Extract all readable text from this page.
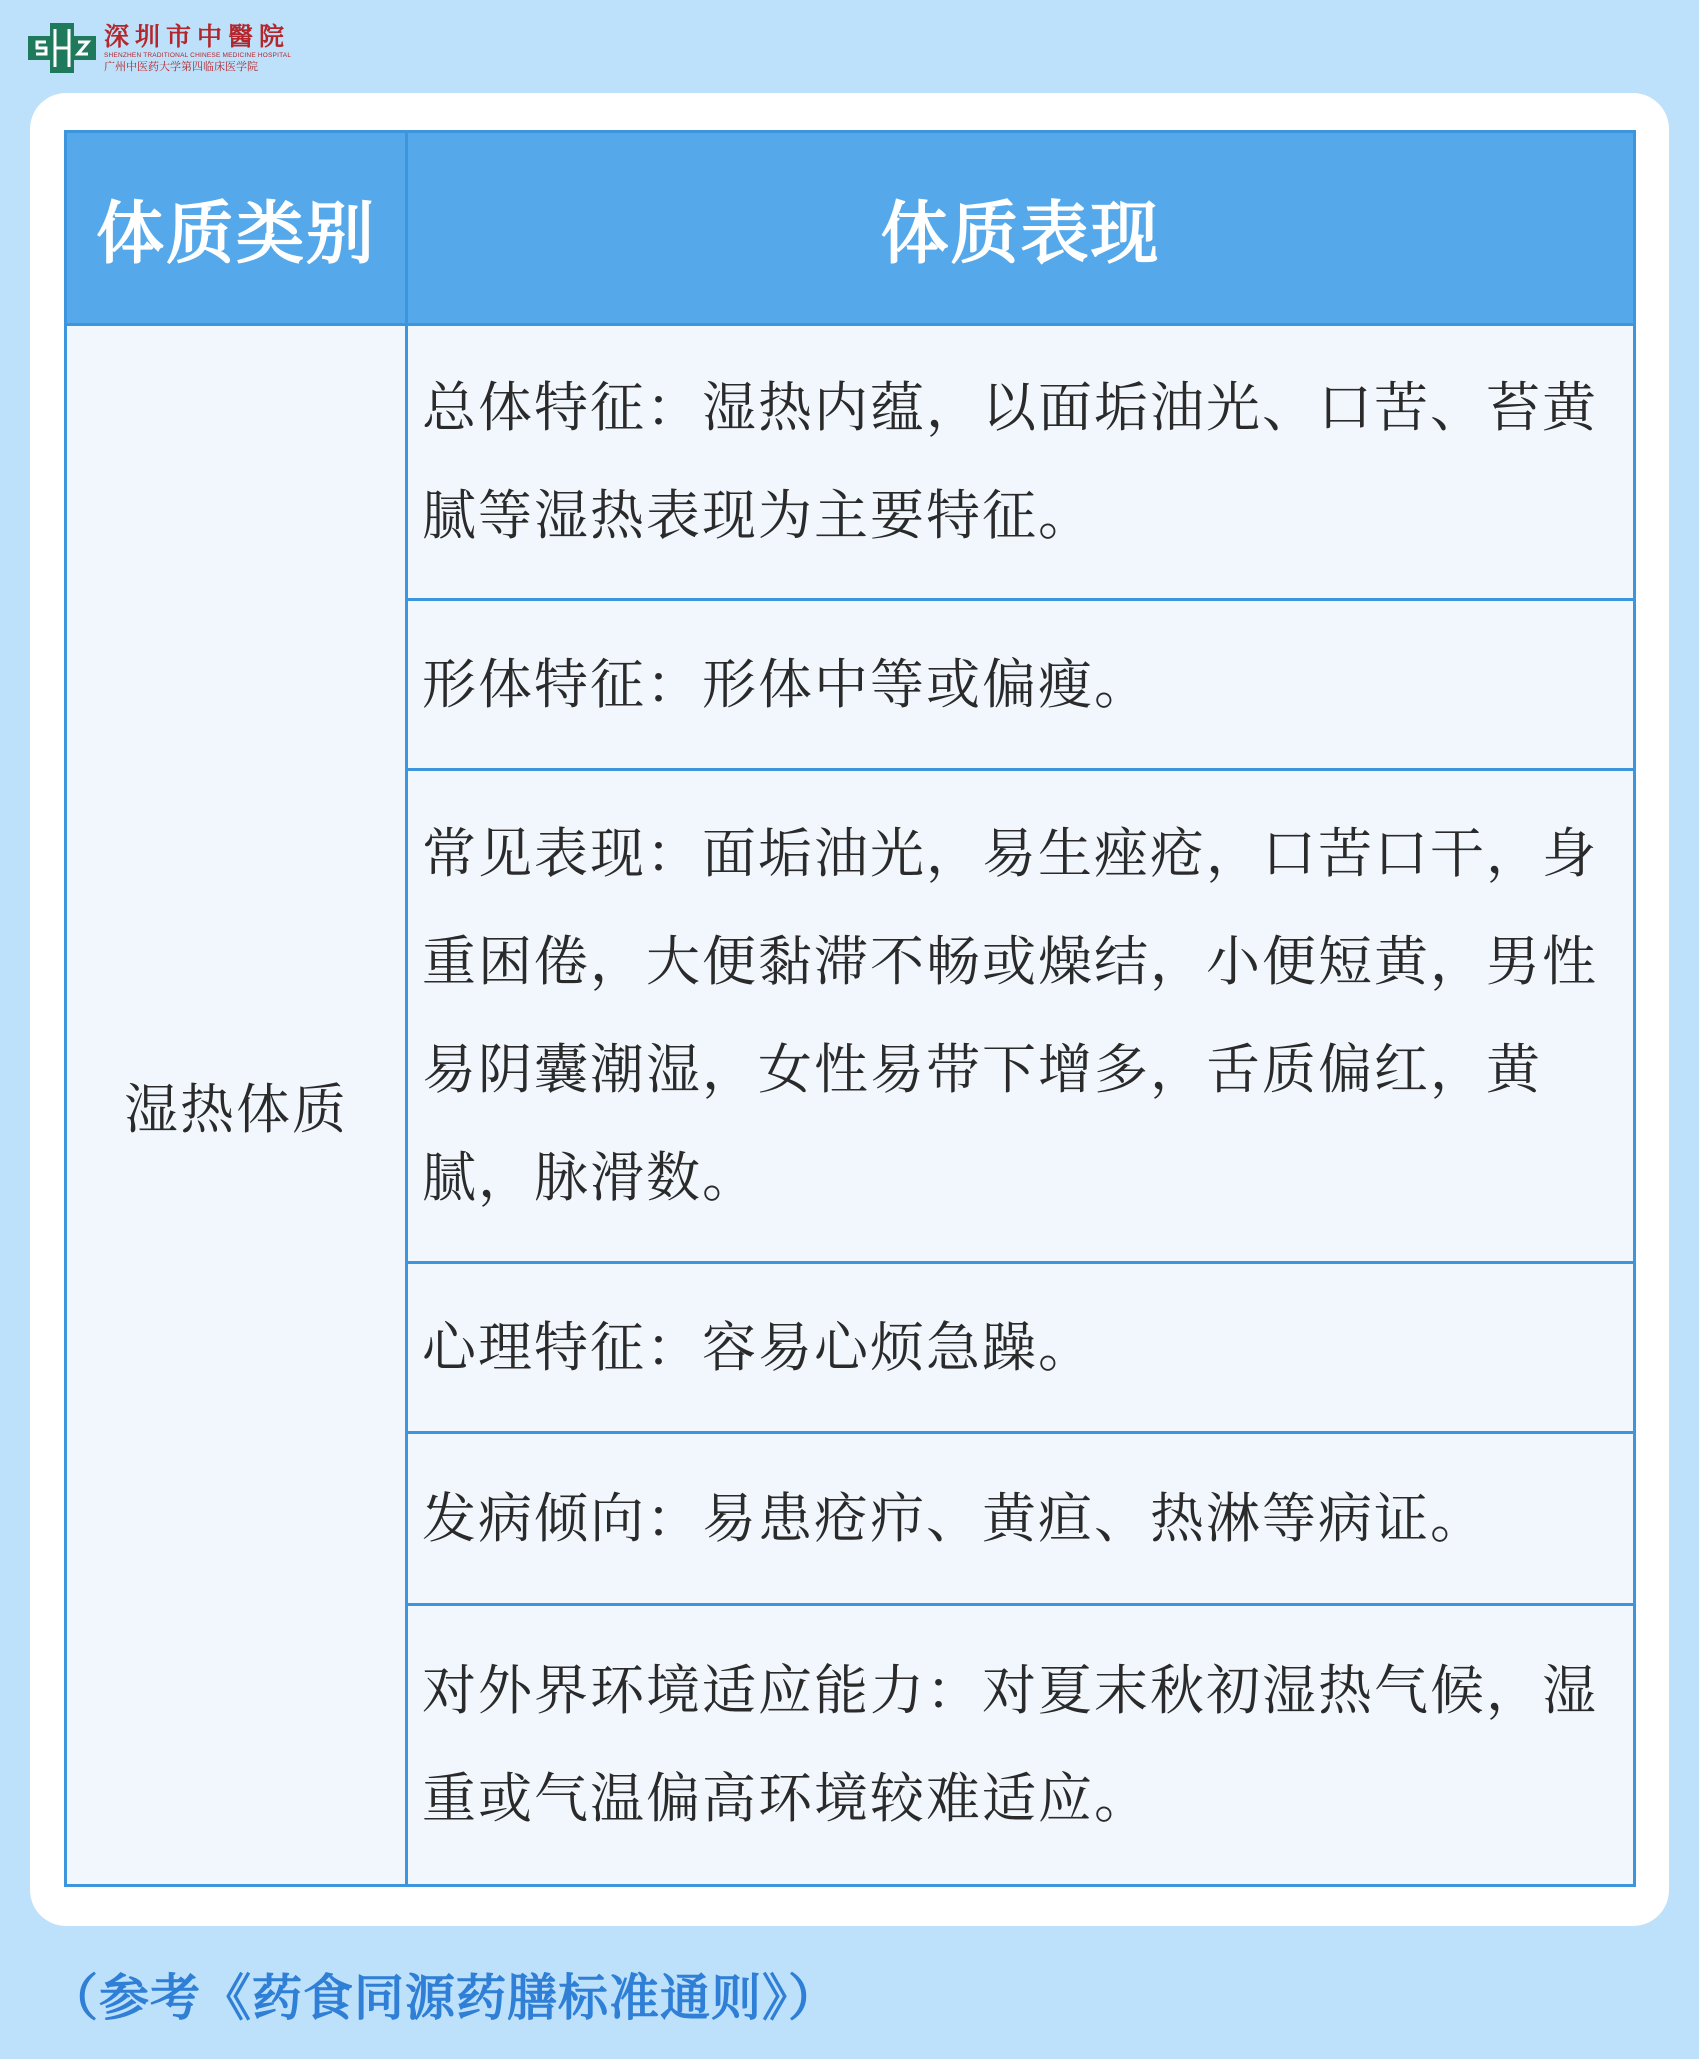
深圳市中醫院
SHENZHEN TRADITIONAL CHINESE MEDICINE HOSPITAL
广州中医药大学第四临床医学院
体质类别	体质表现
湿热体质
总体特征：湿热内蕴，以面垢油光、口苦、苔黄腻等湿热表现为主要特征。
形体特征：形体中等或偏瘦。
常见表现：面垢油光，易生痤疮，口苦口干，身重困倦，大便黏滞不畅或燥结，小便短黄，男性易阴囊潮湿，女性易带下增多，舌质偏红，黄腻，脉滑数。
心理特征：容易心烦急躁。
发病倾向：易患疮疖、黄疸、热淋等病证。
对外界环境适应能力：对夏末秋初湿热气候，湿重或气温偏高环境较难适应。
（参考《药食同源药膳标准通则》）
